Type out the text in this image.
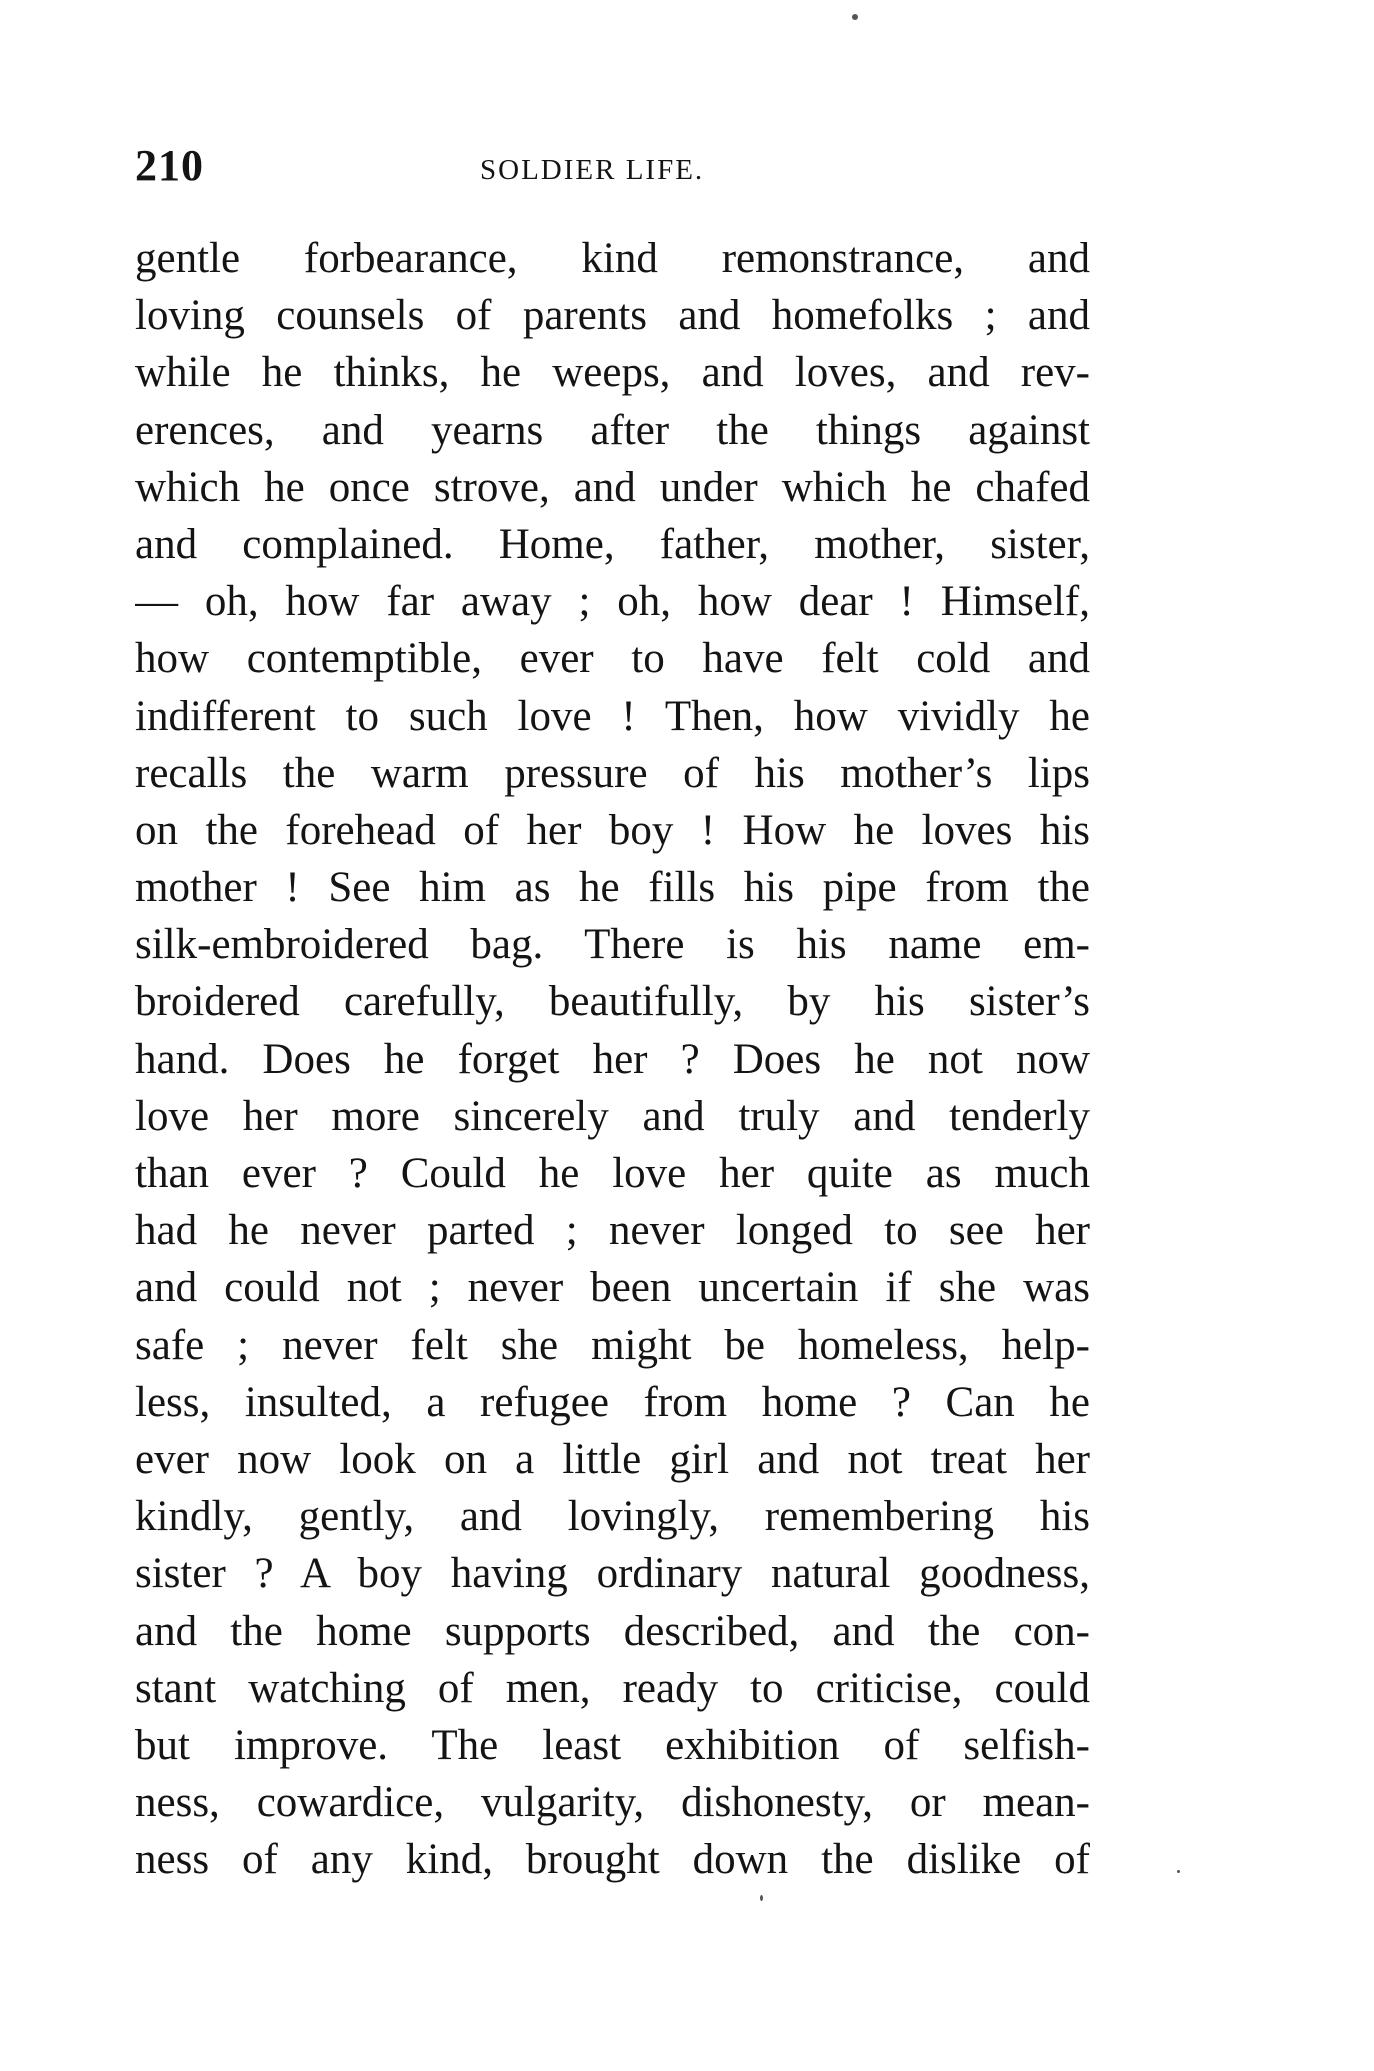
210	SOLDIER LIFE.
gentle forbearance, kind remonstrance, and
loving counsels of parents and homefolks ; and
while he thinks, he weeps, and loves, and rev-
erences, and yearns after the things against
which he once strove, and under which he chafed
and complained. Home, father, mother, sister,
— oh, how far away ; oh, how dear ! Himself,
how contemptible, ever to have felt cold and
indifferent to such love ! Then, how vividly he
recalls the warm pressure of his mother’s lips
on the forehead of her boy ! How he loves his
mother ! See him as he fills his pipe from the
silk-embroidered bag. There is his name em-
broidered carefully, beautifully, by his sister’s
hand. Does he forget her ? Does he not now
love her more sincerely and truly and tenderly
than ever ? Could he love her quite as much
had he never parted ; never longed to see her
and could not ; never been uncertain if she was
safe ; never felt she might be homeless, help-
less, insulted, a refugee from home ? Can he
ever now look on a little girl and not treat her
kindly, gently, and lovingly, remembering his
sister ? A boy having ordinary natural goodness,
and the home supports described, and the con-
stant watching of men, ready to criticise, could
but improve. The least exhibition of selfish-
ness, cowardice, vulgarity, dishonesty, or mean-
ness of any kind, brought down the dislike of
